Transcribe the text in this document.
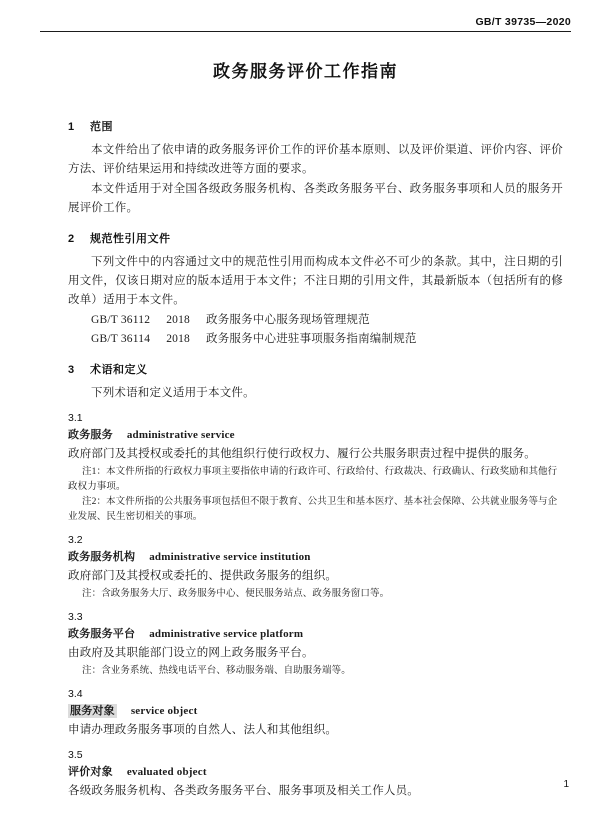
GB/T 39735—2020
政务服务评价工作指南
1 范围

本文件给出了依申请的政务服务评价工作的评价基本原则、以及评价渠道、评价内容、评价方法、评价结果运用和持续改进等方面的要求。

本文件适用于对全国各级政务服务机构、各类政务服务平台、政务服务事项和人员的服务开展评价工作。

2 规范性引用文件

下列文件中的内容通过文中的规范性引用而构成本文件必不可少的条款。其中，注日期的引用文件，仅该日期对应的版本适用于本文件；不注日期的引用文件，其最新版本（包括所有的修改单）适用于本文件。

GB/T 36112 2018 政务服务中心服务现场管理规范

GB/T 36114 2018 政务服务中心进驻事项服务指南编制规范

3 术语和定义

下列术语和定义适用于本文件。

3.1

政务服务 administrative service

政府部门及其授权或委托的其他组织行使行政权力、履行公共服务职责过程中提供的服务。

注1：本文件所指的行政权力事项主要指依申请的行政许可、行政给付、行政裁决、行政确认、行政奖励和其他行政权力事项。

注2：本文件所指的公共服务事项包括但不限于教育、公共卫生和基本医疗、基本社会保障、公共就业服务等与企业发展、民生密切相关的事项。

3.2

政务服务机构 administrative service institution

政府部门及其授权或委托的、提供政务服务的组织。

注：含政务服务大厅、政务服务中心、便民服务站点、政务服务窗口等。

3.3

政务服务平台 administrative service platform

由政府及其职能部门设立的网上政务服务平台。

注：含业务系统、热线电话平台、移动服务端、自助服务端等。

3.4

服务对象 service object

申请办理政务服务事项的自然人、法人和其他组织。

3.5

评价对象 evaluated object

各级政务服务机构、各类政务服务平台、服务事项及相关工作人员。

1
